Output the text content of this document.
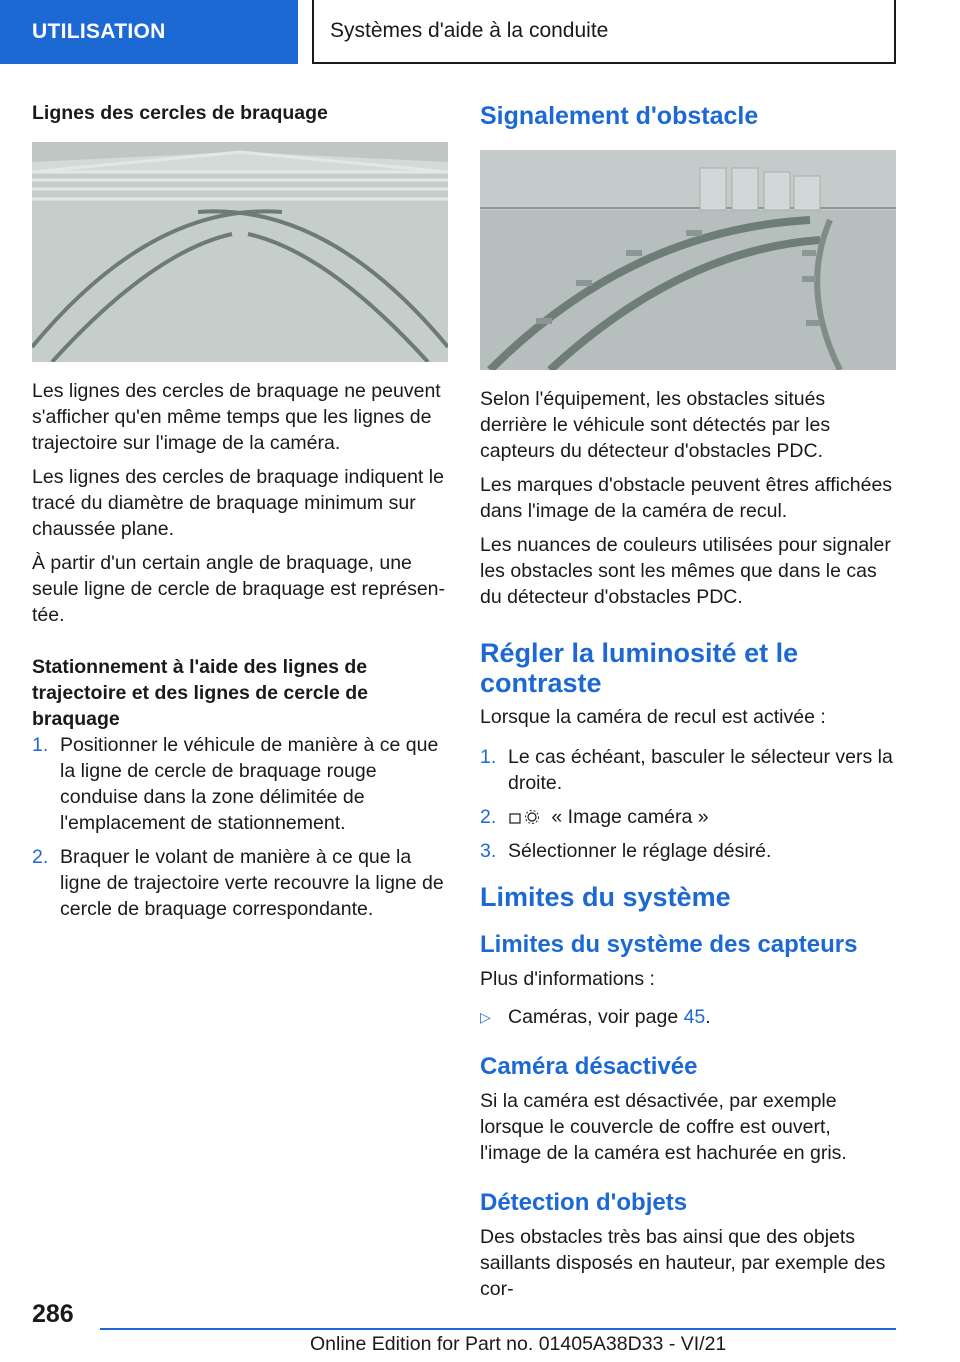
UTILISATION	Systèmes d'aide à la conduite
Lignes des cercles de braquage

Les lignes des cercles de braquage ne peuvent s'afficher qu'en même temps que les lignes de trajectoire sur l'image de la caméra.

Les lignes des cercles de braquage indiquent le tracé du diamètre de braquage minimum sur chaussée plane.

À partir d'un certain angle de braquage, une seule ligne de cercle de braquage est représentée.

Stationnement à l'aide des lignes de trajectoire et des lignes de cercle de braquage
1. Positionner le véhicule de manière à ce que la ligne de cercle de braquage rouge conduise dans la zone délimitée de l'emplacement de stationnement.
2. Braquer le volant de manière à ce que la ligne de trajectoire verte recouvre la ligne de cercle de braquage correspondante.
Signalement d'obstacle

Selon l'équipement, les obstacles situés derrière le véhicule sont détectés par les capteurs du détecteur d'obstacles PDC.

Les marques d'obstacle peuvent êtres affichées dans l'image de la caméra de recul.

Les nuances de couleurs utilisées pour signaler les obstacles sont les mêmes que dans le cas du détecteur d'obstacles PDC.

Régler la luminosité et le contraste

Lorsque la caméra de recul est activée :

1. Le cas échéant, basculer le sélecteur vers la droite.
2.	« Image caméra »
3. Sélectionner le réglage désiré.
Limites du système
Limites du système des capteurs

Plus d'informations :

▷ Caméras, voir page 45.
Caméra désactivée

Si la caméra est désactivée, par exemple lorsque le couvercle de coffre est ouvert, l'image de la caméra est hachurée en gris.

Détection d'objets

Des obstacles très bas ainsi que des objets saillants disposés en hauteur, par exemple des cor-

286
Online Edition for Part no. 01405A38D33 - VI/21
